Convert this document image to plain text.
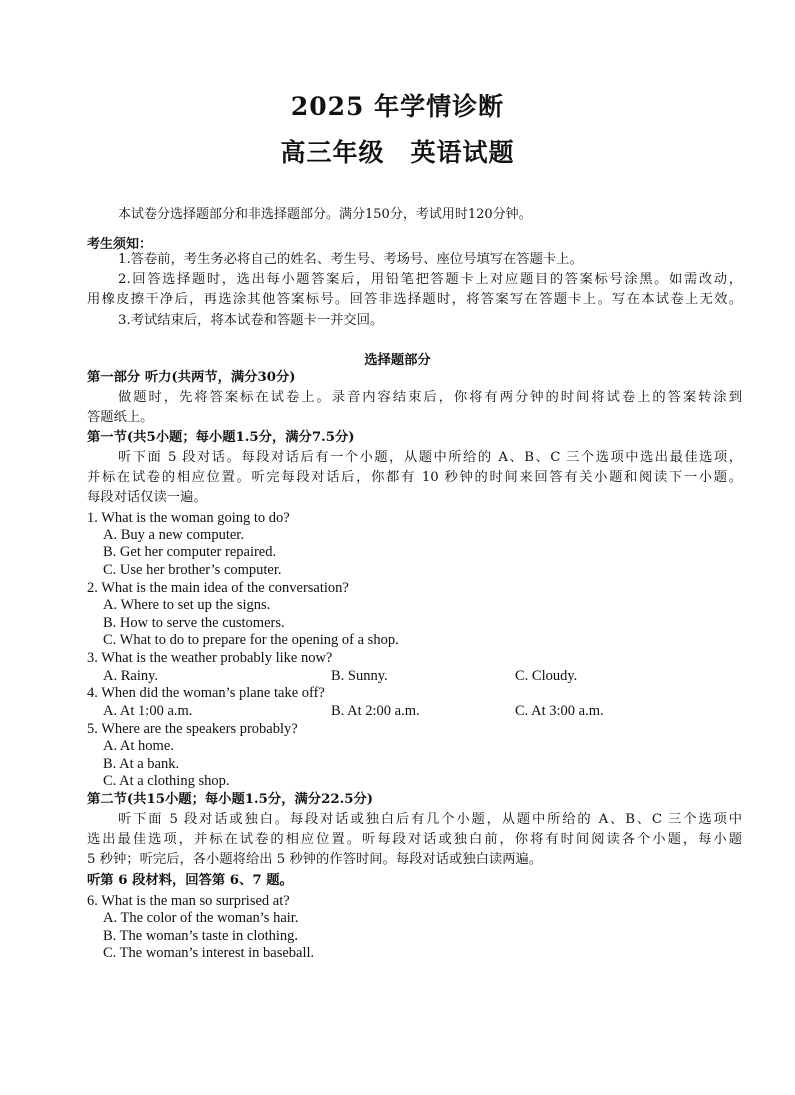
2025 年学情诊断
高三年级　英语试题
本试卷分选择题部分和非选择题部分。满分150分，考试用时120分钟。
考生须知：
1.答卷前，考生务必将自己的姓名、考生号、考场号、座位号填写在答题卡上。
2.回答选择题时，选出每小题答案后，用铅笔把答题卡上对应题目的答案标号涂黑。如需改动，
用橡皮擦干净后，再选涂其他答案标号。回答非选择题时，将答案写在答题卡上。写在本试卷上无效。
3.考试结束后，将本试卷和答题卡一并交回。
选择题部分
第一部分 听力(共两节，满分30分)
做题时，先将答案标在试卷上。录音内容结束后，你将有两分钟的时间将试卷上的答案转涂到
答题纸上。
第一节(共5小题；每小题1.5分，满分7.5分)
听下面 5 段对话。每段对话后有一个小题，从题中所给的 A、B、C 三个选项中选出最佳选项，
并标在试卷的相应位置。听完每段对话后，你都有 10 秒钟的时间来回答有关小题和阅读下一小题。
每段对话仅读一遍。
1. What is the woman going to do?
A. Buy a new computer.
B. Get her computer repaired.
C. Use her brother’s computer.
2. What is the main idea of the conversation?
A. Where to set up the signs.
B. How to serve the customers.
C. What to do to prepare for the opening of a shop.
3. What is the weather probably like now?
A. Rainy.	B. Sunny.	C. Cloudy.
4. When did the woman’s plane take off?
A. At 1:00 a.m.	B. At 2:00 a.m.	C. At 3:00 a.m.
5. Where are the speakers probably?
A. At home.
B. At a bank.
C. At a clothing shop.
第二节(共15小题；每小题1.5分，满分22.5分)
听下面 5 段对话或独白。每段对话或独白后有几个小题，从题中所给的 A、B、C 三个选项中
选出最佳选项，并标在试卷的相应位置。听每段对话或独白前，你将有时间阅读各个小题，每小题
5 秒钟；听完后，各小题将给出 5 秒钟的作答时间。每段对话或独白读两遍。
听第 6 段材料，回答第 6、7 题。
6. What is the man so surprised at?
A. The color of the woman’s hair.
B. The woman’s taste in clothing.
C. The woman’s interest in baseball.
